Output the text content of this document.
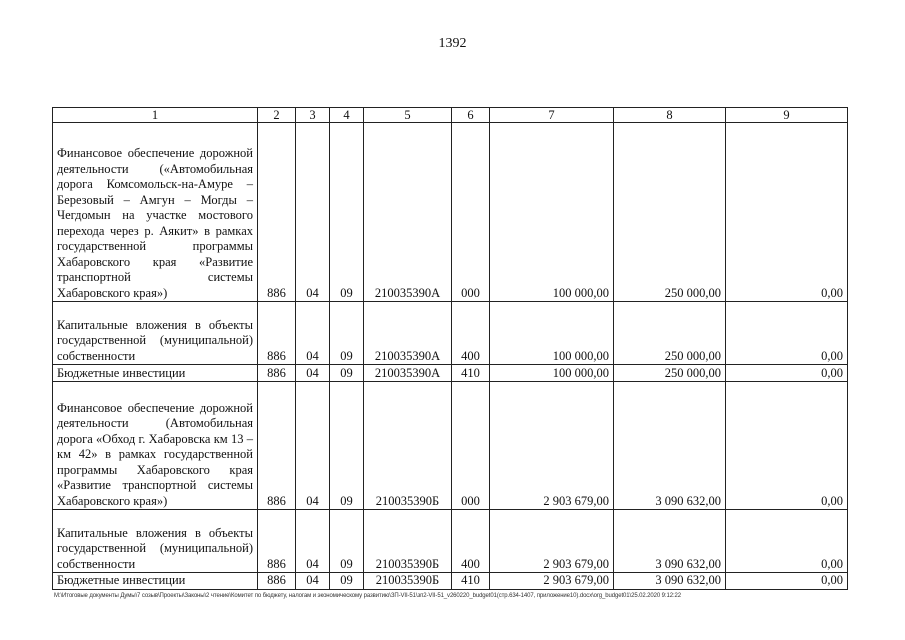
1392
1	2	3	4	5	6	7	8	9
Финансовое обеспечение дорожной деятельности («Автомобильная дорога Комсомольск-на-Амуре – Березовый – Амгун – Могды – Чегдомын на участке мостового перехода через р. Аякит» в рамках государственной программы Хабаровского края «Развитие транспортной системы Хабаровского края»)	886	04	09	210035390А	000	100 000,00	250 000,00	0,00
Капитальные вложения в объекты государственной (муниципальной) собственности	886	04	09	210035390А	400	100 000,00	250 000,00	0,00
Бюджетные инвестиции	886	04	09	210035390А	410	100 000,00	250 000,00	0,00
Финансовое обеспечение дорожной деятельности (Автомобильная дорога «Обход г. Хабаровска км 13 – км 42» в рамках государственной программы Хабаровского края «Развитие транспортной системы Хабаровского края»)	886	04	09	210035390Б	000	2 903 679,00	3 090 632,00	0,00
Капитальные вложения в объекты государственной (муниципальной) собственности	886	04	09	210035390Б	400	2 903 679,00	3 090 632,00	0,00
Бюджетные инвестиции	886	04	09	210035390Б	410	2 903 679,00	3 090 632,00	0,00
M:\Итоговые документы Думы\7 созыв\Проекты\Законы\2 чтение\Комитет по бюджету, налогам и экономическому развитию\ЗП-VII-51\зп2-VII-51_v260220_budget01(стр.634-1407, приложение10).docx\org_budget01\25.02.2020 9:12:22
